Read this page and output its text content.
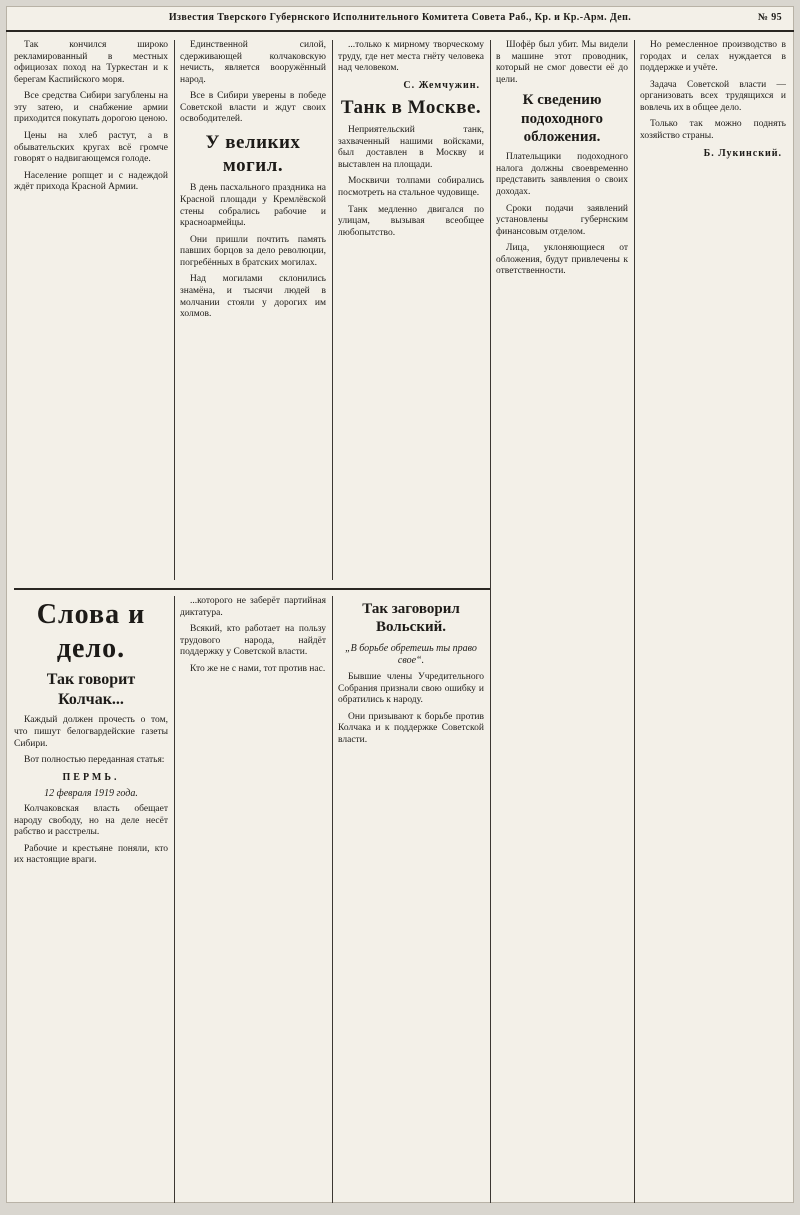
Известия Тверского Губернского Исполнительного Комитета Совета Раб., Кр. и Кр.-Арм. Деп.	№ 95

Так кончился широко рекламированный в местных официозах поход на Туркестан и к берегам Каспийского моря.

Все средства Сибири загублены на эту затею, и снабжение армии приходится покупать дорогою ценою.

Цены на хлеб растут, а в обывательских кругах всё громче говорят о надвигающемся голоде.

Население ропщет и с надеждой ждёт прихода Красной Армии.

Единственной силой, сдерживающей колчаковскую нечисть, является вооружённый народ.

Все в Сибири уверены в победе Советской власти и ждут своих освободителей.

У великих могил.

В день пасхального праздника на Красной площади у Кремлёвской стены собрались рабочие и красноармейцы.

Они пришли почтить память павших борцов за дело революции, погребённых в братских могилах.

Над могилами склонились знамёна, и тысячи людей в молчании стояли у дорогих им холмов.

...только к мирному творческому труду, где нет места гнёту человека над человеком.

С. Жемчужин.
Танк в Москве.

Неприятельский танк, захваченный нашими войсками, был доставлен в Москву и выставлен на площади.

Москвичи толпами собирались посмотреть на стальное чудовище.

Танк медленно двигался по улицам, вызывая всеобщее любопытство.

Шофёр был убит. Мы видели в машине этот проводник, который не смог довести её до цели.

К сведению подоходного обложения.

Плательщики подоходного налога должны своевременно представить заявления о своих доходах.

Сроки подачи заявлений установлены губернским финансовым отделом.

Лица, уклоняющиеся от обложения, будут привлечены к ответственности.

Но ремесленное производство в городах и селах нуждается в поддержке и учёте.

Задача Советской власти — организовать всех трудящихся и вовлечь их в общее дело.

Только так можно поднять хозяйство страны.

Б. Лукинский.
Слова и дело.
Так говорит Колчак...

Каждый должен прочесть о том, что пишут белогвардейские газеты Сибири.

Вот полностью переданная статья:

ПЕРМЬ.
12 февраля 1919 года.

Колчаковская власть обещает народу свободу, но на деле несёт рабство и расстрелы.

Рабочие и крестьяне поняли, кто их настоящие враги.

...которого не заберёт партийная диктатура.

Всякий, кто работает на пользу трудового народа, найдёт поддержку у Советской власти.

Кто же не с нами, тот против нас.

Так заговорил Вольский.
„В борьбе обретешь ты право свое“.

Бывшие члены Учредительного Собрания признали свою ошибку и обратились к народу.

Они призывают к борьбе против Колчака и к поддержке Советской власти.
